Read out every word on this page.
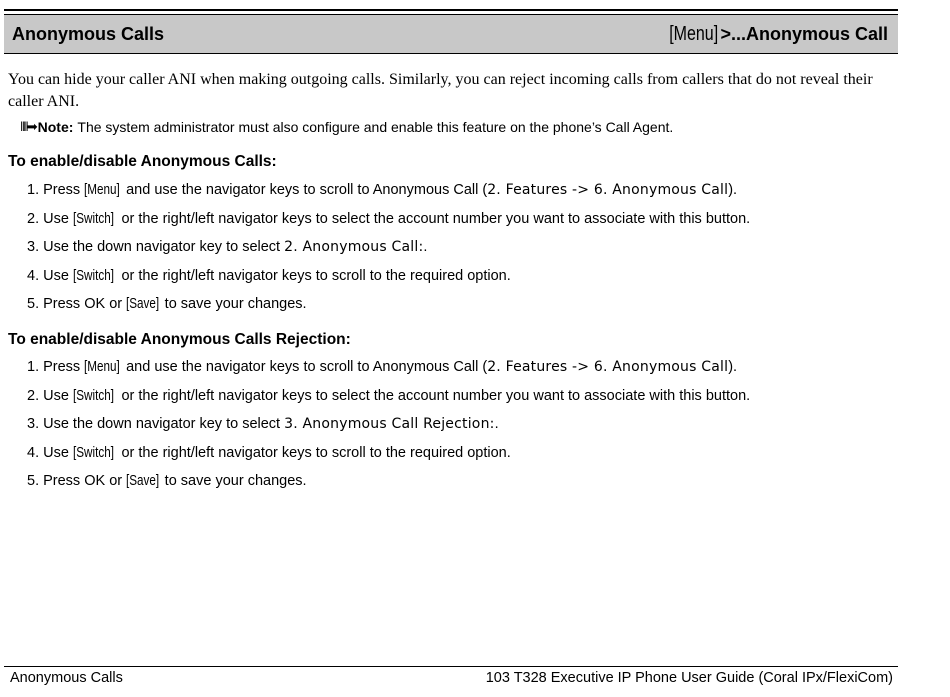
Anonymous Calls	[Menu] >...Anonymous Call
You can hide your caller ANI when making outgoing calls. Similarly, you can reject incoming calls from callers that do not reveal their caller ANI.
‖‖➡ Note: The system administrator must also configure and enable this feature on the phone’s Call Agent.
To enable/disable Anonymous Calls:
1. Press [Menu] and use the navigator keys to scroll to Anonymous Call (2. Features -> 6. Anonymous Call).
2. Use [Switch] or the right/left navigator keys to select the account number you want to associate with this button.
3. Use the down navigator key to select 2. Anonymous Call:.
4. Use [Switch] or the right/left navigator keys to scroll to the required option.
5. Press OK or [Save] to save your changes.
To enable/disable Anonymous Calls Rejection:
1. Press [Menu] and use the navigator keys to scroll to Anonymous Call (2. Features -> 6. Anonymous Call).
2. Use [Switch] or the right/left navigator keys to select the account number you want to associate with this button.
3. Use the down navigator key to select 3. Anonymous Call Rejection:.
4. Use [Switch] or the right/left navigator keys to scroll to the required option.
5. Press OK or [Save] to save your changes.
Anonymous Calls	103 T328 Executive IP Phone User Guide (Coral IPx/FlexiCom)
